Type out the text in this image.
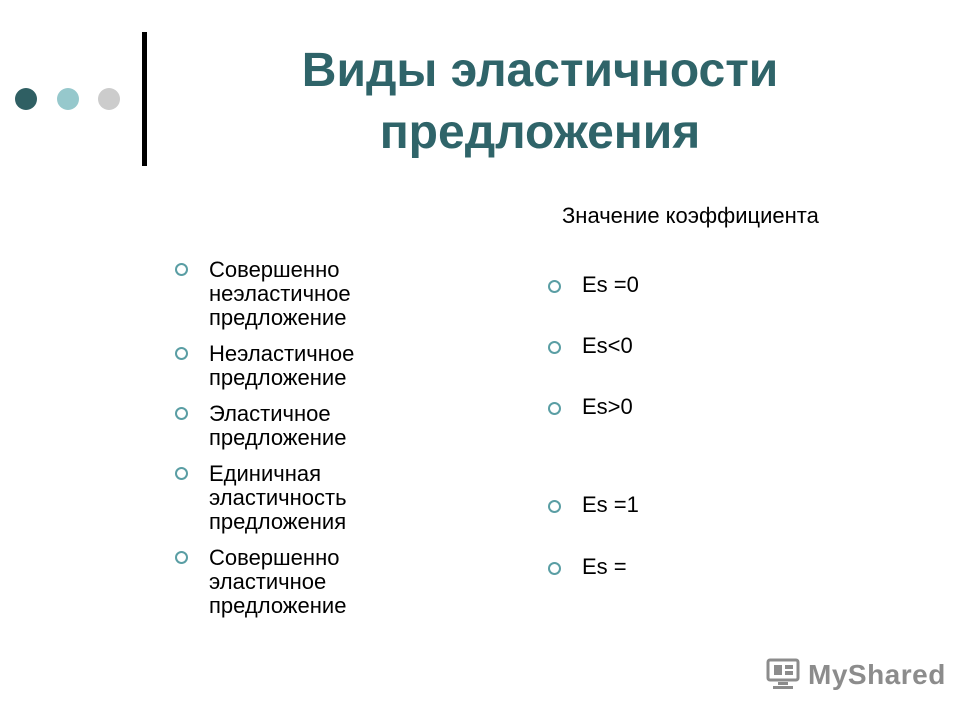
Виды эластичности предложения
Совершенно неэластичное предложение
Неэластичное предложение
Эластичное предложение
Единичная эластичность предложения
Совершенно эластичное предложение
Значение коэффициента
Es =0
Es<0
Es>0
Es =1
Es =
MyShared
